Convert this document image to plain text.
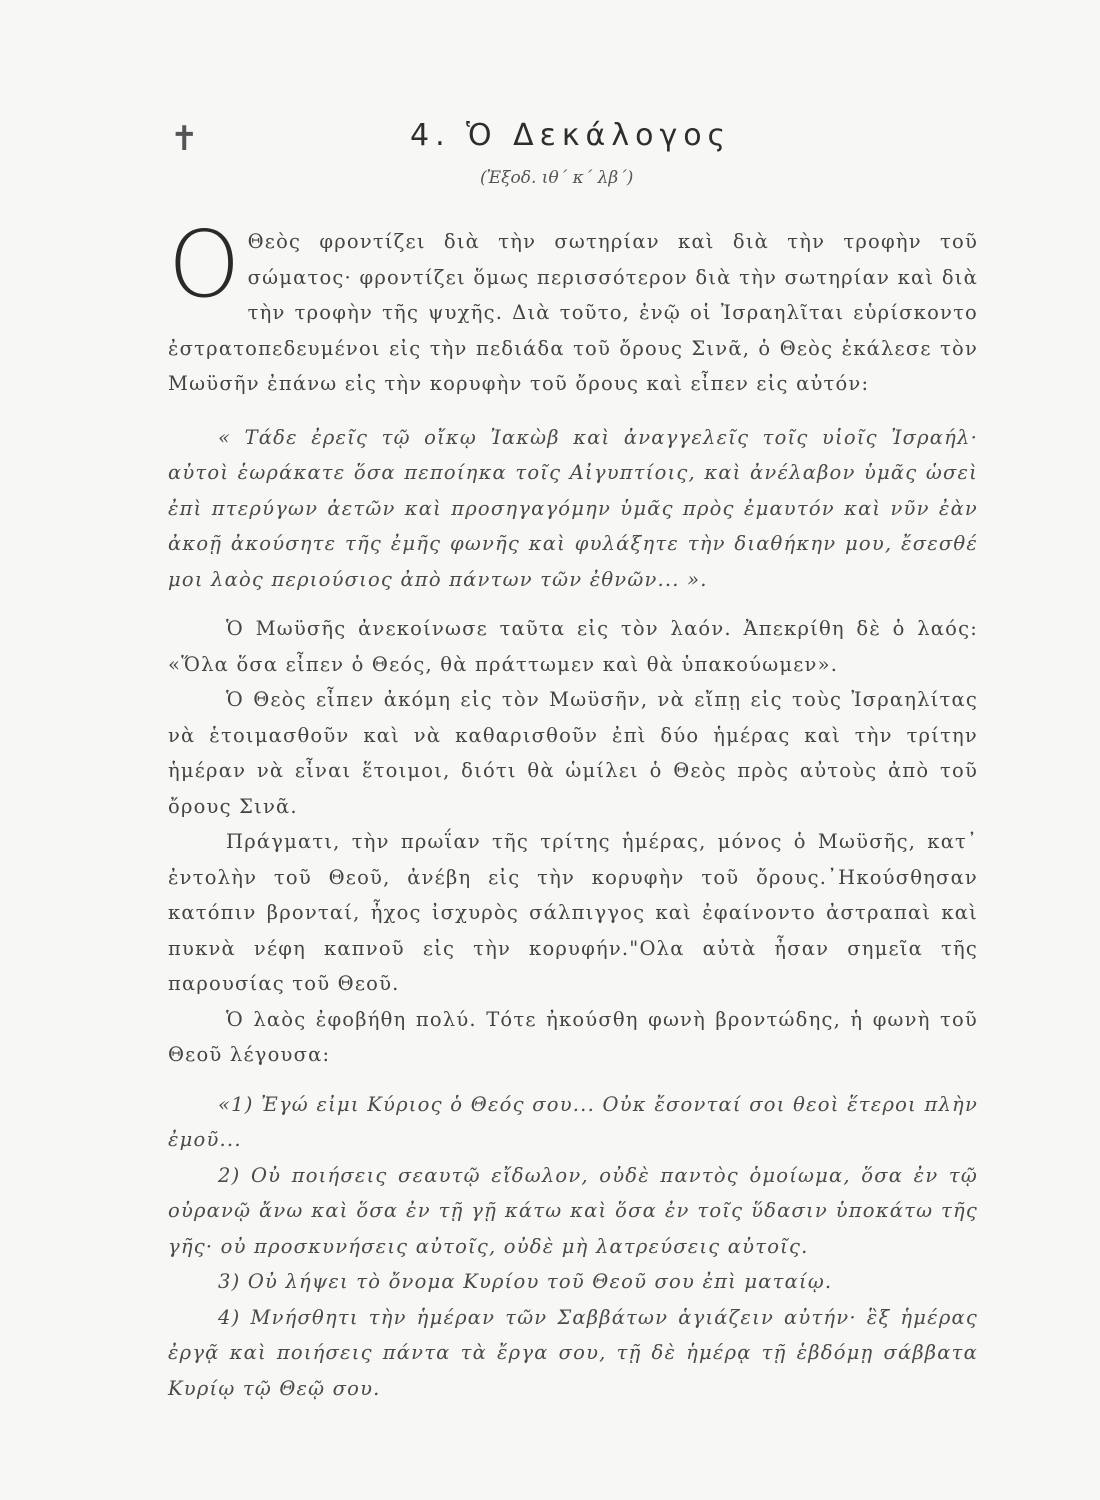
✝	4. Ὁ Δεκάλογος
(Ἐξοδ. ιθ´ κ´ λβ´)

Ο Θεὸς φροντίζει διὰ τὴν σωτηρίαν καὶ διὰ τὴν τροφὴν τοῦ σώματος· φροντίζει ὅμως περισσότερον διὰ τὴν σωτηρίαν καὶ διὰ τὴν τροφὴν τῆς ψυχῆς. Διὰ τοῦτο, ἐνῷ οἱ Ἰσραηλῖται εὑρίσκοντο ἐστρατοπεδευμένοι εἰς τὴν πεδιάδα τοῦ ὄρους Σινᾶ, ὁ Θεὸς ἐκάλεσε τὸν Μωϋσῆν ἐπάνω εἰς τὴν κορυφὴν τοῦ ὄρους καὶ εἶπεν εἰς αὐτόν:

« Τάδε ἐρεῖς τῷ οἴκῳ Ἰακὼβ καὶ ἀναγγελεῖς τοῖς υἱοῖς Ἰσραήλ· αὐτοὶ ἑωράκατε ὅσα πεποίηκα τοῖς Αἰγυπτίοις, καὶ ἀνέλαβον ὑμᾶς ὡσεὶ ἐπὶ πτερύγων ἀετῶν καὶ προσηγαγόμην ὑμᾶς πρὸς ἐμαυτόν καὶ νῦν ἐὰν ἀκοῇ ἀκούσητε τῆς ἐμῆς φωνῆς καὶ φυλάξητε τὴν διαθήκην μου, ἔσεσθέ μοι λαὸς περιούσιος ἀπὸ πάντων τῶν ἐθνῶν... ».

Ὁ Μωϋσῆς ἀνεκοίνωσε ταῦτα εἰς τὸν λαόν. Ἀπεκρίθη δὲ ὁ λαός: «Ὅλα ὅσα εἶπεν ὁ Θεός, θὰ πράττωμεν καὶ θὰ ὑπακούωμεν».

Ὁ Θεὸς εἶπεν ἀκόμη εἰς τὸν Μωϋσῆν, νὰ εἴπῃ εἰς τοὺς Ἰσραηλίτας νὰ ἑτοιμασθοῦν καὶ νὰ καθαρισθοῦν ἐπὶ δύο ἡμέρας καὶ τὴν τρίτην ἡμέραν νὰ εἶναι ἕτοιμοι, διότι θὰ ὡμίλει ὁ Θεὸς πρὸς αὐτοὺς ἀπὸ τοῦ ὄρους Σινᾶ.

Πράγματι, τὴν πρωΐαν τῆς τρίτης ἡμέρας, μόνος ὁ Μωϋσῆς, κατ᾽ ἐντολὴν τοῦ Θεοῦ, ἀνέβη εἰς τὴν κορυφὴν τοῦ ὄρους.᾽Ηκούσθησαν κατόπιν βρονταί, ἦχος ἰσχυρὸς σάλπιγγος καὶ ἐφαίνοντο ἀστραπαὶ καὶ πυκνὰ νέφη καπνοῦ εἰς τὴν κορυφήν."Ολα αὐτὰ ἦσαν σημεῖα τῆς παρουσίας τοῦ Θεοῦ.

Ὁ λαὸς ἐφοβήθη πολύ. Τότε ἠκούσθη φωνὴ βροντώδης, ἡ φωνὴ τοῦ Θεοῦ λέγουσα:

«1) Ἐγώ εἰμι Κύριος ὁ Θεός σου... Οὐκ ἔσονταί σοι θεοὶ ἕτεροι πλὴν ἐμοῦ...

2) Οὐ ποιήσεις σεαυτῷ εἴδωλον, οὐδὲ παντὸς ὁμοίωμα, ὅσα ἐν τῷ οὐρανῷ ἄνω καὶ ὅσα ἐν τῇ γῇ κάτω καὶ ὅσα ἐν τοῖς ὕδασιν ὑποκάτω τῆς γῆς· οὐ προσκυνήσεις αὐτοῖς, οὐδὲ μὴ λατρεύσεις αὐτοῖς.

3) Οὐ λήψει τὸ ὄνομα Κυρίου τοῦ Θεοῦ σου ἐπὶ ματαίῳ.

4) Μνήσθητι τὴν ἡμέραν τῶν Σαββάτων ἁγιάζειν αὐτήν· ἓξ ἡμέρας ἐργᾷ καὶ ποιήσεις πάντα τὰ ἔργα σου, τῇ δὲ ἡμέρᾳ τῇ ἑβδόμῃ σάββατα Κυρίῳ τῷ Θεῷ σου.
